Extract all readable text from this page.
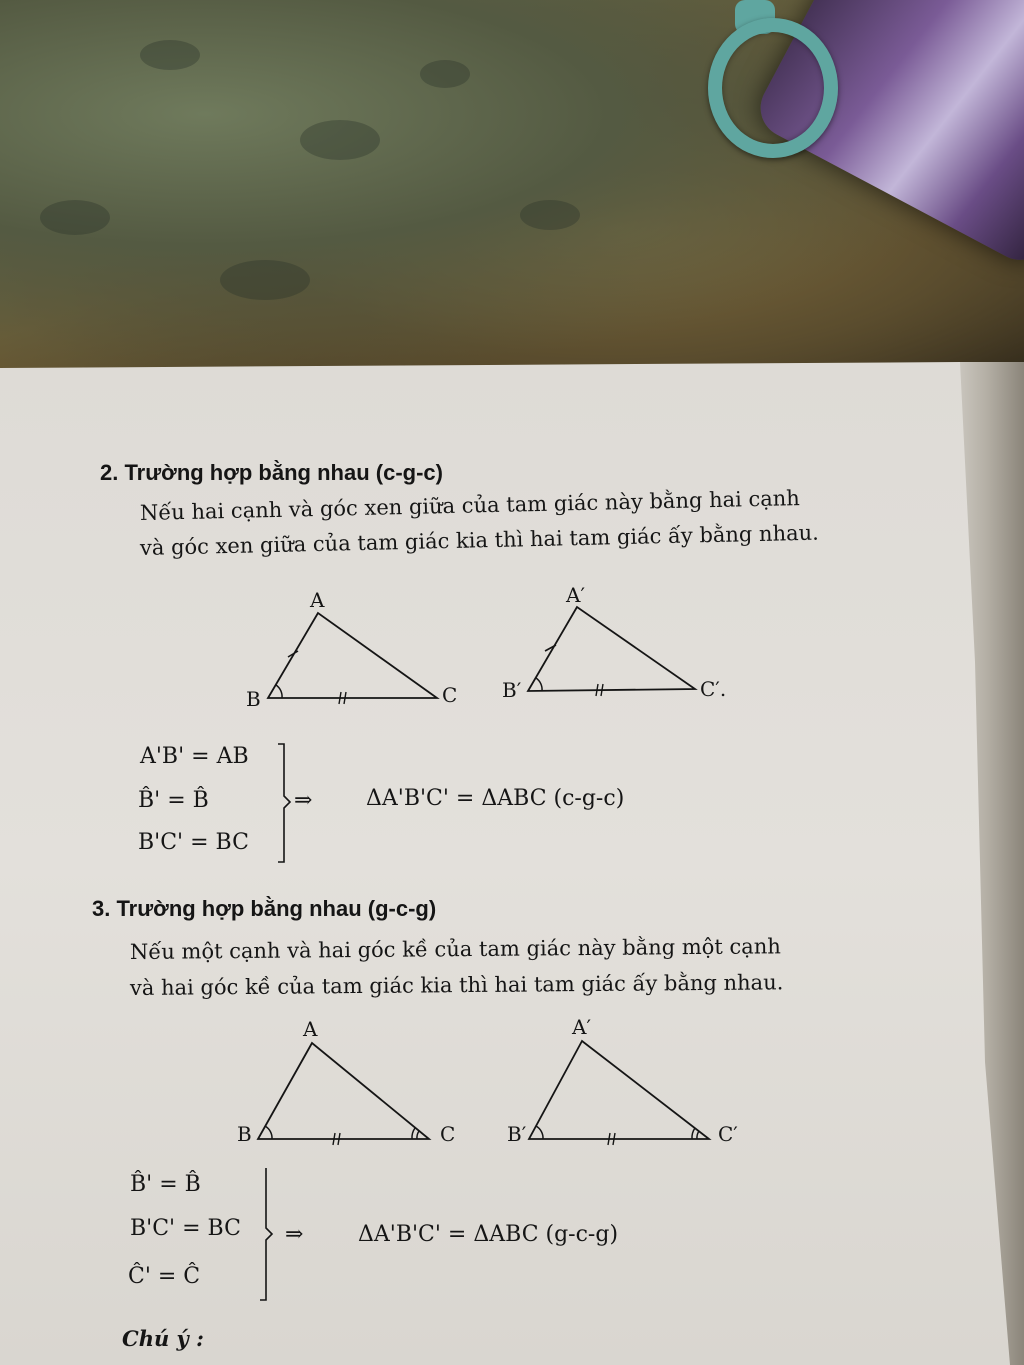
2. Trường hợp bằng nhau (c-g-c)
Nếu hai cạnh và góc xen giữa của tam giác này bằng hai cạnh
và góc xen giữa của tam giác kia thì hai tam giác ấy bằng nhau.
A
B	C
A′
B′	C′.
A'B' = AB
B̂' = B̂
B'C' = BC
⇒ ΔA'B'C' = ΔABC (c-g-c)
3. Trường hợp bằng nhau (g-c-g)
Nếu một cạnh và hai góc kề của tam giác này bằng một cạnh
và hai góc kề của tam giác kia thì hai tam giác ấy bằng nhau.
A
B	C
A′
B′	C′
B̂' = B̂
B'C' = BC
Ĉ' = Ĉ
⇒ ΔA'B'C' = ΔABC (g-c-g)
Chú ý :
